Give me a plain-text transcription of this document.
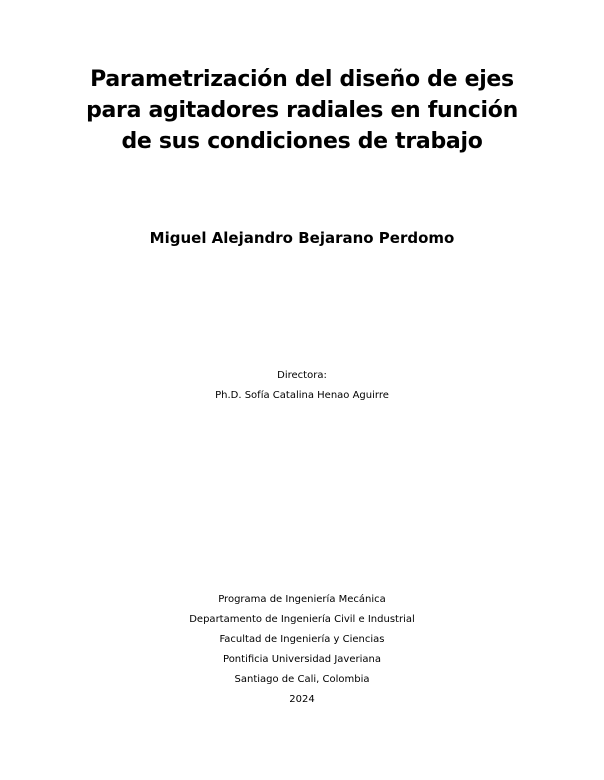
Parametrización del diseño de ejes
para agitadores radiales en función
de sus condiciones de trabajo

Miguel Alejandro Bejarano Perdomo

Directora:
Ph.D. Sofía Catalina Henao Aguirre
Programa de Ingeniería Mecánica
Departamento de Ingeniería Civil e Industrial
Facultad de Ingeniería y Ciencias
Pontificia Universidad Javeriana
Santiago de Cali, Colombia
2024
